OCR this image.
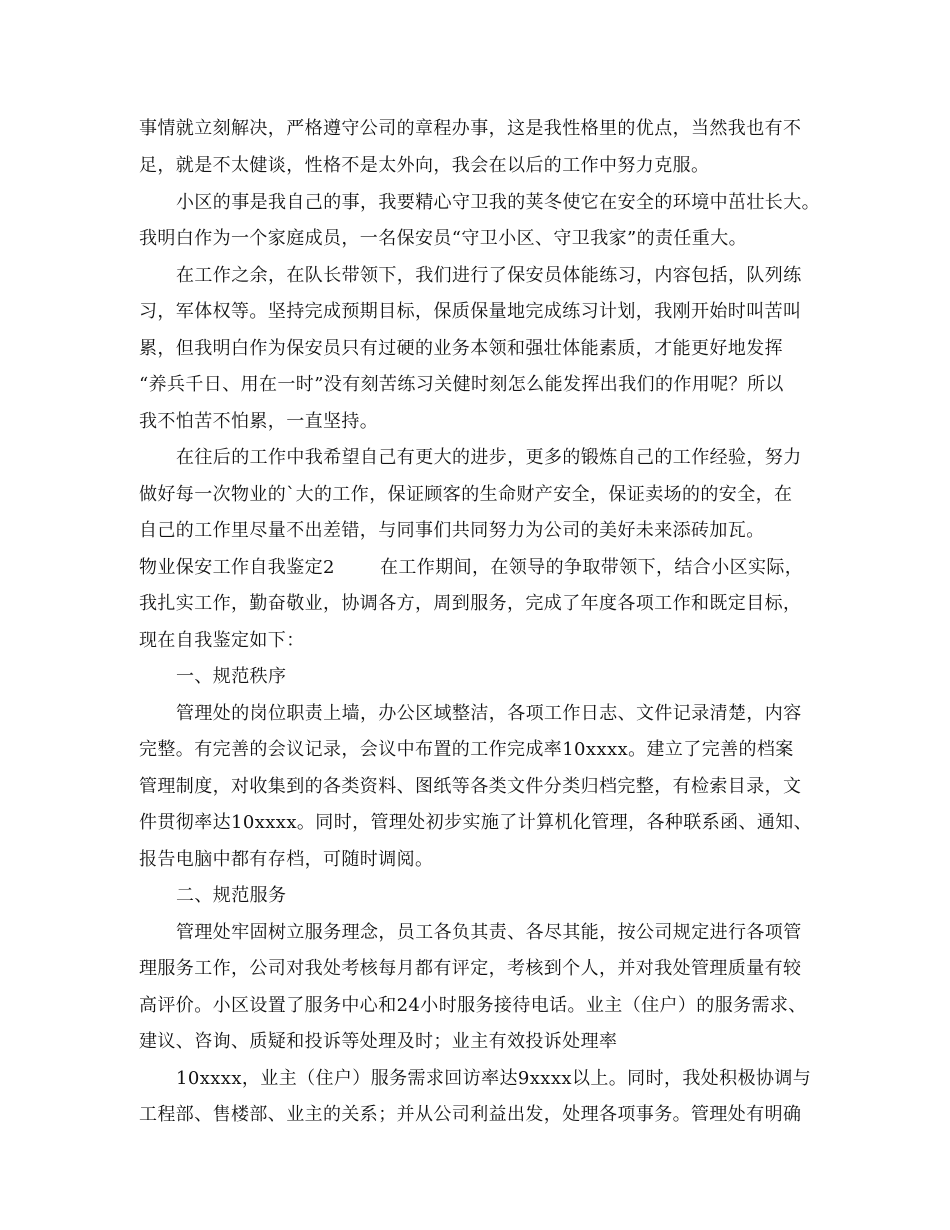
事情就立刻解决，严格遵守公司的章程办事，这是我性格里的优点，当然我也有不
足，就是不太健谈，性格不是太外向，我会在以后的工作中努力克服。
小区的事是我自己的事，我要精心守卫我的荚冬使它在安全的环境中茁壮长大。
我明白作为一个家庭成员，一名保安员“守卫小区、守卫我家”的责任重大。
在工作之余，在队长带领下，我们进行了保安员体能练习，内容包括，队列练
习，军体权等。坚持完成预期目标，保质保量地完成练习计划，我刚开始时叫苦叫
累，但我明白作为保安员只有过硬的业务本领和强壮体能素质，才能更好地发挥
“养兵千日、用在一时”没有刻苦练习关健时刻怎么能发挥出我们的作用呢？所以
我不怕苦不怕累，一直坚持。
在往后的工作中我希望自己有更大的进步，更多的锻炼自己的工作经验，努力
做好每一次物业的`大的工作，保证顾客的生命财产安全，保证卖场的的安全，在
自己的工作里尽量不出差错，与同事们共同努力为公司的美好未来添砖加瓦。
物业保安工作自我鉴定2	在工作期间，在领导的争取带领下，结合小区实际，
我扎实工作，勤奋敬业，协调各方，周到服务，完成了年度各项工作和既定目标，
现在自我鉴定如下：
一、规范秩序
管理处的岗位职责上墙，办公区域整洁，各项工作日志、文件记录清楚，内容
完整。有完善的会议记录，会议中布置的工作完成率10xxxx。建立了完善的档案
管理制度，对收集到的各类资料、图纸等各类文件分类归档完整，有检索目录，文
件贯彻率达10xxxx。同时，管理处初步实施了计算机化管理，各种联系函、通知、
报告电脑中都有存档，可随时调阅。
二、规范服务
管理处牢固树立服务理念，员工各负其责、各尽其能，按公司规定进行各项管
理服务工作，公司对我处考核每月都有评定，考核到个人，并对我处管理质量有较
高评价。小区设置了服务中心和24小时服务接待电话。业主（住户）的服务需求、
建议、咨询、质疑和投诉等处理及时；业主有效投诉处理率
10xxxx，业主（住户）服务需求回访率达9xxxx以上。同时，我处积极协调与
工程部、售楼部、业主的关系；并从公司利益出发，处理各项事务。管理处有明确
